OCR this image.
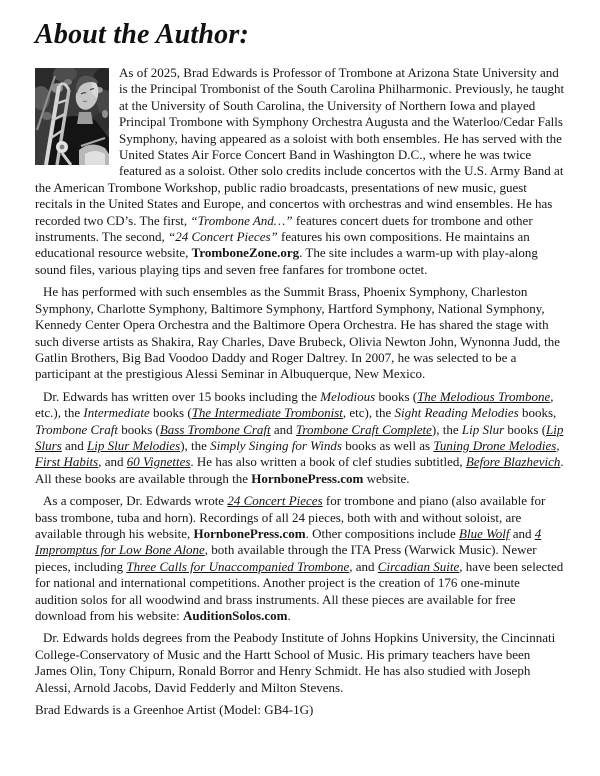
About the Author:

As of 2025, Brad Edwards is Professor of Trombone at Arizona State University and is the Principal Trombonist of the South Carolina Philharmonic. Previously, he taught at the University of South Carolina, the University of Northern Iowa and played Principal Trombone with Symphony Orchestra Augusta and the Waterloo/Cedar Falls Symphony, having appeared as a soloist with both ensembles. He has served with the United States Air Force Concert Band in Washington D.C., where he was twice featured as a soloist. Other solo credits include concertos with the U.S. Army Band at the American Trombone Workshop, public radio broadcasts, presentations of new music, guest recitals in the United States and Europe, and concertos with orchestras and wind ensembles. He has recorded two CD’s. The first, “Trombone And…” features concert duets for trombone and other instruments. The second, “24 Concert Pieces” features his own compositions. He maintains an educational resource website, TromboneZone.org. The site includes a warm-up with play-along sound files, various playing tips and seven free fanfares for trombone octet.

He has performed with such ensembles as the Summit Brass, Phoenix Symphony, Charleston Symphony, Charlotte Symphony, Baltimore Symphony, Hartford Symphony, National Symphony, Kennedy Center Opera Orchestra and the Baltimore Opera Orchestra. He has shared the stage with such diverse artists as Shakira, Ray Charles, Dave Brubeck, Olivia Newton John, Wynonna Judd, the Gatlin Brothers, Big Bad Voodoo Daddy and Roger Daltrey. In 2007, he was selected to be a participant at the prestigious Alessi Seminar in Albuquerque, New Mexico.

Dr. Edwards has written over 15 books including the Melodious books (The Melodious Trombone, etc.), the Intermediate books (The Intermediate Trombonist, etc), the Sight Reading Melodies books, Trombone Craft books (Bass Trombone Craft and Trombone Craft Complete), the Lip Slur books (Lip Slurs and Lip Slur Melodies), the Simply Singing for Winds books as well as Tuning Drone Melodies, First Habits, and 60 Vignettes. He has also written a book of clef studies subtitled, Before Blazhevich. All these books are available through the HornbonePress.com website.

As a composer, Dr. Edwards wrote 24 Concert Pieces for trombone and piano (also available for bass trombone, tuba and horn). Recordings of all 24 pieces, both with and without soloist, are available through his website, HornbonePress.com. Other compositions include Blue Wolf and 4 Impromptus for Low Bone Alone, both available through the ITA Press (Warwick Music). Newer pieces, including Three Calls for Unaccompanied Trombone, and Circadian Suite, have been selected for national and international competitions. Another project is the creation of 176 one-minute audition solos for all woodwind and brass instruments. All these pieces are available for free download from his website: AuditionSolos.com.

Dr. Edwards holds degrees from the Peabody Institute of Johns Hopkins University, the Cincinnati College-Conservatory of Music and the Hartt School of Music. His primary teachers have been James Olin, Tony Chipurn, Ronald Borror and Henry Schmidt. He has also studied with Joseph Alessi, Arnold Jacobs, David Fedderly and Milton Stevens.

Brad Edwards is a Greenhoe Artist (Model: GB4-1G)
